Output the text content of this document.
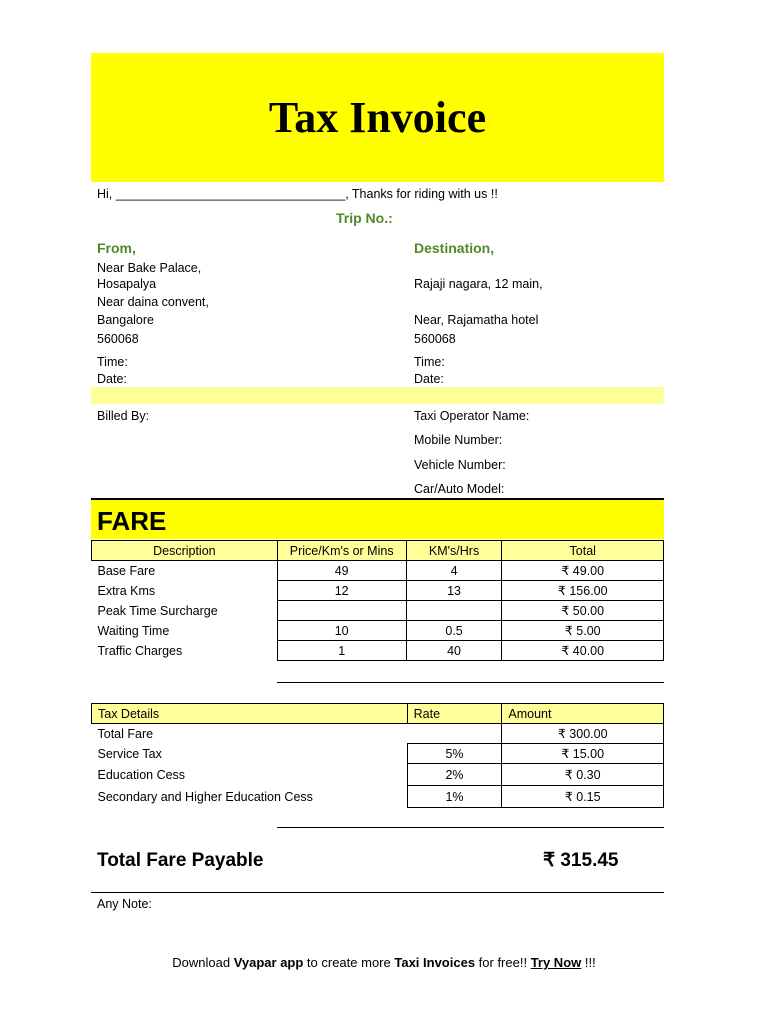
Tax Invoice
Hi, _________________________________, Thanks for riding with us !!
Trip No.:
From,
Near Bake Palace,
Hosapalya
Near daina convent,
Bangalore
560068
Time:
Date:
Destination,
Rajaji nagara, 12 main,
Near, Rajamatha hotel
560068
Time:
Date:
Billed By:	Taxi Operator Name:
Mobile Number:
Vehicle Number:
Car/Auto Model:
FARE
Description	Price/Km's or Mins	KM's/Hrs	Total
Base Fare	49	4	₹ 49.00
Extra Kms	12	13	₹ 156.00
Peak Time Surcharge			₹ 50.00
Waiting Time	10	0.5	₹ 5.00
Traffic Charges	1	40	₹ 40.00
Tax Details	Rate	Amount
Total Fare		₹ 300.00
Service Tax	5%	₹ 15.00
Education Cess	2%	₹ 0.30
Secondary and Higher Education Cess	1%	₹ 0.15
Total Fare Payable	₹ 315.45
Any Note:
Download Vyapar app to create more Taxi Invoices for free!! Try Now !!!
